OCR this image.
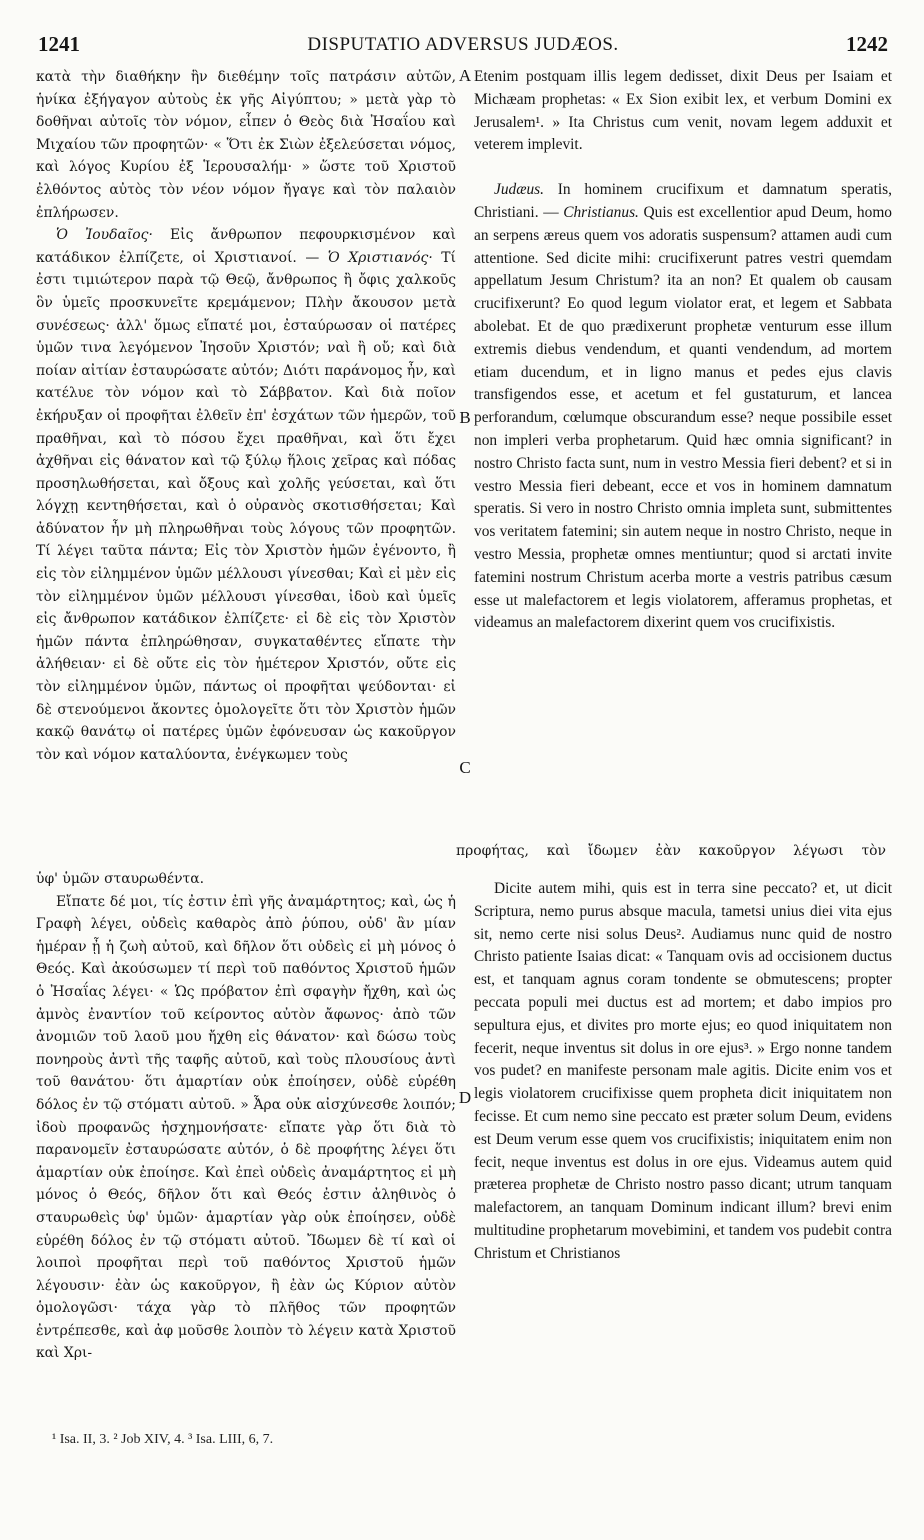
1241	DISPUTATIO ADVERSUS JUDÆOS.	1242

κατὰ τὴν διαθήκην ἣν διεθέμην τοῖς πατράσιν αὐτῶν, ἡνίκα ἐξήγαγον αὐτοὺς ἐκ γῆς Αἰγύπτου; » μετὰ γὰρ τὸ δοθῆναι αὐτοῖς τὸν νόμον, εἶπεν ὁ Θεὸς διὰ Ἠσαΐου καὶ Μιχαίου τῶν προφητῶν· « Ὅτι ἐκ Σιὼν ἐξελεύσεται νόμος, καὶ λόγος Κυρίου ἐξ Ἱερουσαλήμ· » ὥστε τοῦ Χριστοῦ ἐλθόντος αὐτὸς τὸν νέον νόμον ἤγαγε καὶ τὸν παλαιὸν ἐπλήρωσεν.

Ὁ Ἰουδαῖος· Εἰς ἄνθρωπον πεφουρκισμένον καὶ κατάδικον ἐλπίζετε, οἱ Χριστιανοί. — Ὁ Χριστιανός· Τί ἐστι τιμιώτερον παρὰ τῷ Θεῷ, ἄνθρωπος ἢ ὄφις χαλκοῦς ὃν ὑμεῖς προσκυνεῖτε κρεμάμενον; Πλὴν ἄκουσον μετὰ συνέσεως· ἀλλ' ὅμως εἴπατέ μοι, ἐσταύρωσαν οἱ πατέρες ὑμῶν τινα λεγόμενον Ἰησοῦν Χριστόν; ναὶ ἢ οὔ; καὶ διὰ ποίαν αἰτίαν ἐσταυρώσατε αὐτόν; Διότι παράνομος ἦν, καὶ κατέλυε τὸν νόμον καὶ τὸ Σάββατον. Καὶ διὰ ποῖον ἐκήρυξαν οἱ προφῆται ἐλθεῖν ἐπ' ἐσχάτων τῶν ἡμερῶν, τοῦ πραθῆναι, καὶ τὸ πόσου ἔχει πραθῆναι, καὶ ὅτι ἔχει ἀχθῆναι εἰς θάνατον καὶ τῷ ξύλῳ ἥλοις χεῖρας καὶ πόδας προσηλωθήσεται, καὶ ὄξους καὶ χολῆς γεύσεται, καὶ ὅτι λόγχῃ κεντηθήσεται, καὶ ὁ οὐρανὸς σκοτισθήσεται; Καὶ ἀδύνατον ἦν μὴ πληρωθῆναι τοὺς λόγους τῶν προφητῶν. Τί λέγει ταῦτα πάντα; Εἰς τὸν Χριστὸν ἡμῶν ἐγένοντο, ἢ εἰς τὸν εἰλημμένον ὑμῶν μέλλουσι γίνεσθαι; Καὶ εἰ μὲν εἰς τὸν εἰλημμένον ὑμῶν μέλλουσι γίνεσθαι, ἰδοὺ καὶ ὑμεῖς εἰς ἄνθρωπον κατάδικον ἐλπίζετε· εἰ δὲ εἰς τὸν Χριστὸν ἡμῶν πάντα ἐπληρώθησαν, συγκαταθέντες εἴπατε τὴν ἀλήθειαν· εἰ δὲ οὔτε εἰς τὸν ἡμέτερον Χριστόν, οὔτε εἰς τὸν εἰλημμένον ὑμῶν, πάντως οἱ προφῆται ψεύδονται· εἰ δὲ στενούμενοι ἄκοντες ὁμολογεῖτε ὅτι τὸν Χριστὸν ἡμῶν κακῷ θανάτῳ οἱ πατέρες ὑμῶν ἐφόνευσαν ὡς κακοῦργον τὸν καὶ νόμον καταλύοντα, ἐνέγκωμεν τοὺς

Etenim postquam illis legem dedisset, dixit Deus per Isaiam et Michæam prophetas: « Ex Sion exibit lex, et verbum Domini ex Jerusalem¹. » Ita Christus cum venit, novam legem adduxit et veterem implevit.

Judæus. In hominem crucifixum et damnatum speratis, Christiani. — Christianus. Quis est excellentior apud Deum, homo an serpens æreus quem vos adoratis suspensum? attamen audi cum attentione. Sed dicite mihi: crucifixerunt patres vestri quemdam appellatum Jesum Christum? ita an non? Et qualem ob causam crucifixerunt? Eo quod legum violator erat, et legem et Sabbata abolebat. Et de quo prædixerunt prophetæ venturum esse illum extremis diebus vendendum, et quanti vendendum, ad mortem etiam ducendum, et in ligno manus et pedes ejus clavis transfigendos esse, et acetum et fel gustaturum, et lancea perforandum, cœlumque obscurandum esse? neque possibile esset non impleri verba prophetarum. Quid hæc omnia significant? in nostro Christo facta sunt, num in vestro Messia fieri debent? et si in vestro Messia fieri debeant, ecce et vos in hominem damnatum speratis. Si vero in nostro Christo omnia impleta sunt, submittentes vos veritatem fatemini; sin autem neque in nostro Christo, neque in vestro Messia, prophetæ omnes mentiuntur; quod si arctati invite fatemini nostrum Christum acerba morte a vestris patribus cæsum esse ut malefactorem et legis violatorem, afferamus prophetas, et videamus an malefactorem dixerint quem vos crucifixistis.

προφήτας, καὶ ἴδωμεν ἐὰν κακοῦργον λέγωσι τὸν

ὑφ' ὑμῶν σταυρωθέντα.

Εἴπατε δέ μοι, τίς ἐστιν ἐπὶ γῆς ἀναμάρτητος; καὶ, ὡς ἡ Γραφὴ λέγει, οὐδεὶς καθαρὸς ἀπὸ ῥύπου, οὐδ' ἂν μίαν ἡμέραν ᾖ ἡ ζωὴ αὐτοῦ, καὶ δῆλον ὅτι οὐδεὶς εἰ μὴ μόνος ὁ Θεός. Καὶ ἀκούσωμεν τί περὶ τοῦ παθόντος Χριστοῦ ἡμῶν ὁ Ἠσαΐας λέγει· « Ὡς πρόβατον ἐπὶ σφαγὴν ἤχθη, καὶ ὡς ἀμνὸς ἐναντίον τοῦ κείροντος αὐτὸν ἄφωνος· ἀπὸ τῶν ἀνομιῶν τοῦ λαοῦ μου ἤχθη εἰς θάνατον· καὶ δώσω τοὺς πονηροὺς ἀντὶ τῆς ταφῆς αὐτοῦ, καὶ τοὺς πλουσίους ἀντὶ τοῦ θανάτου· ὅτι ἁμαρτίαν οὐκ ἐποίησεν, οὐδὲ εὑρέθη δόλος ἐν τῷ στόματι αὐτοῦ. » Ἆρα οὐκ αἰσχύνεσθε λοιπόν; ἰδοὺ προφανῶς ἠσχημονήσατε· εἴπατε γὰρ ὅτι διὰ τὸ παρανομεῖν ἐσταυρώσατε αὐτόν, ὁ δὲ προφήτης λέγει ὅτι ἁμαρτίαν οὐκ ἐποίησε. Καὶ ἐπεὶ οὐδεὶς ἀναμάρτητος εἰ μὴ μόνος ὁ Θεός, δῆλον ὅτι καὶ Θεός ἐστιν ἀληθινὸς ὁ σταυρωθεὶς ὑφ' ὑμῶν· ἁμαρτίαν γὰρ οὐκ ἐποίησεν, οὐδὲ εὑρέθη δόλος ἐν τῷ στόματι αὐτοῦ. Ἴδωμεν δὲ τί καὶ οἱ λοιποὶ προφῆται περὶ τοῦ παθόντος Χριστοῦ ἡμῶν λέγουσιν· ἐὰν ὡς κακοῦργον, ἢ ἐὰν ὡς Κύριον αὐτὸν ὁμολογῶσι· τάχα γὰρ τὸ πλῆθος τῶν προφητῶν ἐντρέπεσθε, καὶ ἀφ μοῦσθε λοιπὸν τὸ λέγειν κατὰ Χριστοῦ καὶ Χρι-

Dicite autem mihi, quis est in terra sine peccato? et, ut dicit Scriptura, nemo purus absque macula, tametsi unius diei vita ejus sit, nemo certe nisi solus Deus². Audiamus nunc quid de nostro Christo patiente Isaias dicat: « Tanquam ovis ad occisionem ductus est, et tanquam agnus coram tondente se obmutescens; propter peccata populi mei ductus est ad mortem; et dabo impios pro sepultura ejus, et divites pro morte ejus; eo quod iniquitatem non fecerit, neque inventus sit dolus in ore ejus³. » Ergo nonne tandem vos pudet? en manifeste personam male agitis. Dicite enim vos et legis violatorem crucifixisse quem propheta dicit iniquitatem non fecisse. Et cum nemo sine peccato est præter solum Deum, evidens est Deum verum esse quem vos crucifixistis; iniquitatem enim non fecit, neque inventus est dolus in ore ejus. Videamus autem quid præterea prophetæ de Christo nostro passo dicant; utrum tanquam malefactorem, an tanquam Dominum indicant illum? brevi enim multitudine prophetarum movebimini, et tandem vos pudebit contra Christum et Christianos

A
B
C
D
¹ Isa. II, 3. ² Job XIV, 4. ³ Isa. LIII, 6, 7.
